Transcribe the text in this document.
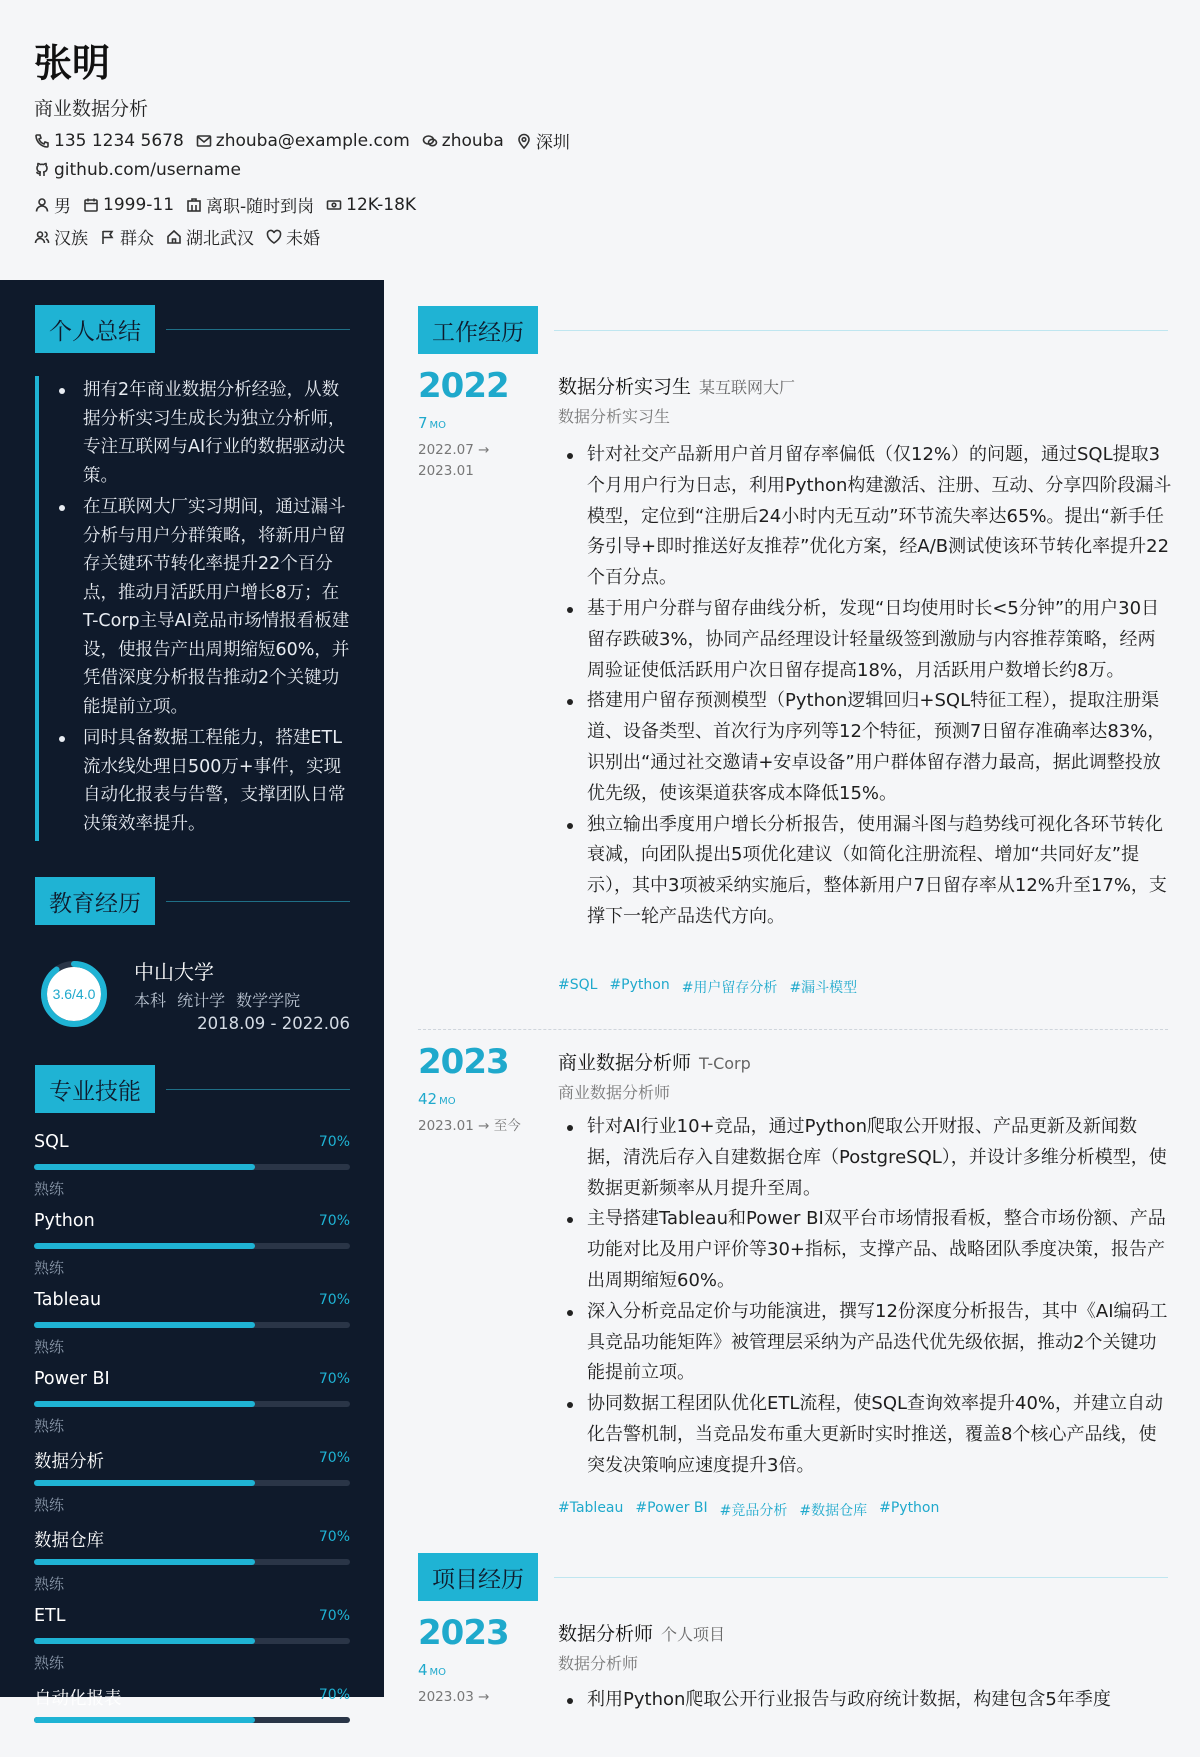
张明
商业数据分析
135 1234 5678 zhouba@example.com zhouba 深圳
github.com/username
男 1999-11 离职-随时到岗 12K-18K
汉族 群众 湖北武汉 未婚
个人总结
拥有2年商业数据分析经验，从数据分析实习生成长为独立分析师，专注互联网与AI行业的数据驱动决策。
在互联网大厂实习期间，通过漏斗分析与用户分群策略，将新用户留存关键环节转化率提升22个百分点，推动月活跃用户增长8万；在T-Corp主导AI竞品市场情报看板建设，使报告产出周期缩短60%，并凭借深度分析报告推动2个关键功能提前立项。
同时具备数据工程能力，搭建ETL流水线处理日500万+事件，实现自动化报表与告警，支撑团队日常决策效率提升。
教育经历
3.6/4.0
中山大学
本科 统计学 数学学院
2018.09 - 2022.06
专业技能
SQL	70%
熟练
Python	70%
熟练
Tableau	70%
熟练
Power BI	70%
熟练
数据分析	70%
熟练
数据仓库	70%
熟练
ETL	70%
熟练
自动化报表	70%
工作经历
2022
7 MO
2022.07 → 2023.01
数据分析实习生 某互联网大厂
数据分析实习生
针对社交产品新用户首月留存率偏低（仅12%）的问题，通过SQL提取3个月用户行为日志，利用Python构建激活、注册、互动、分享四阶段漏斗模型，定位到“注册后24小时内无互动”环节流失率达65%。提出“新手任务引导+即时推送好友推荐”优化方案，经A/B测试使该环节转化率提升22个百分点。
基于用户分群与留存曲线分析，发现“日均使用时长<5分钟”的用户30日留存跌破3%，协同产品经理设计轻量级签到激励与内容推荐策略，经两周验证使低活跃用户次日留存提高18%，月活跃用户数增长约8万。
搭建用户留存预测模型（Python逻辑回归+SQL特征工程），提取注册渠道、设备类型、首次行为序列等12个特征，预测7日留存准确率达83%，识别出“通过社交邀请+安卓设备”用户群体留存潜力最高，据此调整投放优先级，使该渠道获客成本降低15%。
独立输出季度用户增长分析报告，使用漏斗图与趋势线可视化各环节转化衰减，向团队提出5项优化建议（如简化注册流程、增加“共同好友”提示），其中3项被采纳实施后，整体新用户7日留存率从12%升至17%，支撑下一轮产品迭代方向。
#SQL #Python #用户留存分析 #漏斗模型
2023
42 MO
2023.01 → 至今
商业数据分析师 T-Corp
商业数据分析师
针对AI行业10+竞品，通过Python爬取公开财报、产品更新及新闻数据，清洗后存入自建数据仓库（PostgreSQL），并设计多维分析模型，使数据更新频率从月提升至周。
主导搭建Tableau和Power BI双平台市场情报看板，整合市场份额、产品功能对比及用户评价等30+指标，支撑产品、战略团队季度决策，报告产出周期缩短60%。
深入分析竞品定价与功能演进，撰写12份深度分析报告，其中《AI编码工具竞品功能矩阵》被管理层采纳为产品迭代优先级依据，推动2个关键功能提前立项。
协同数据工程团队优化ETL流程，使SQL查询效率提升40%，并建立自动化告警机制，当竞品发布重大更新时实时推送，覆盖8个核心产品线，使突发决策响应速度提升3倍。
#Tableau #Power BI #竞品分析 #数据仓库 #Python
项目经历
2023
4 MO
2023.03 →
数据分析师 个人项目
数据分析师
利用Python爬取公开行业报告与政府统计数据，构建包含5年季度
